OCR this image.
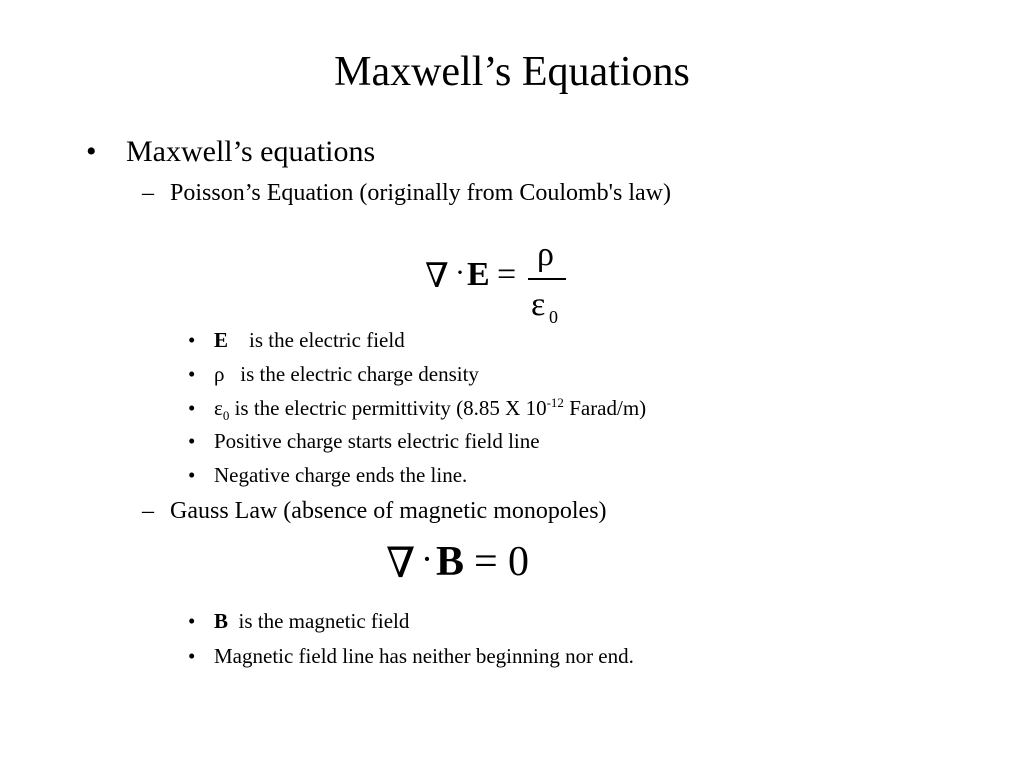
Maxwell’s Equations
• Maxwell’s equations
– Poisson’s Equation (originally from Coulomb's law)
∇ · E =
ρ
ε 0
• E is the electric field
• ρ is the electric charge density
• $\varepsilon_0$ is the electric permittivity (8.85 X $10^{-12}$ Farad/m)
• Positive charge starts electric field line
• Negative charge ends the line.
– Gauss Law (absence of magnetic monopoles)
∇ · B = 0
• B is the magnetic field
• Magnetic field line has neither beginning nor end.
